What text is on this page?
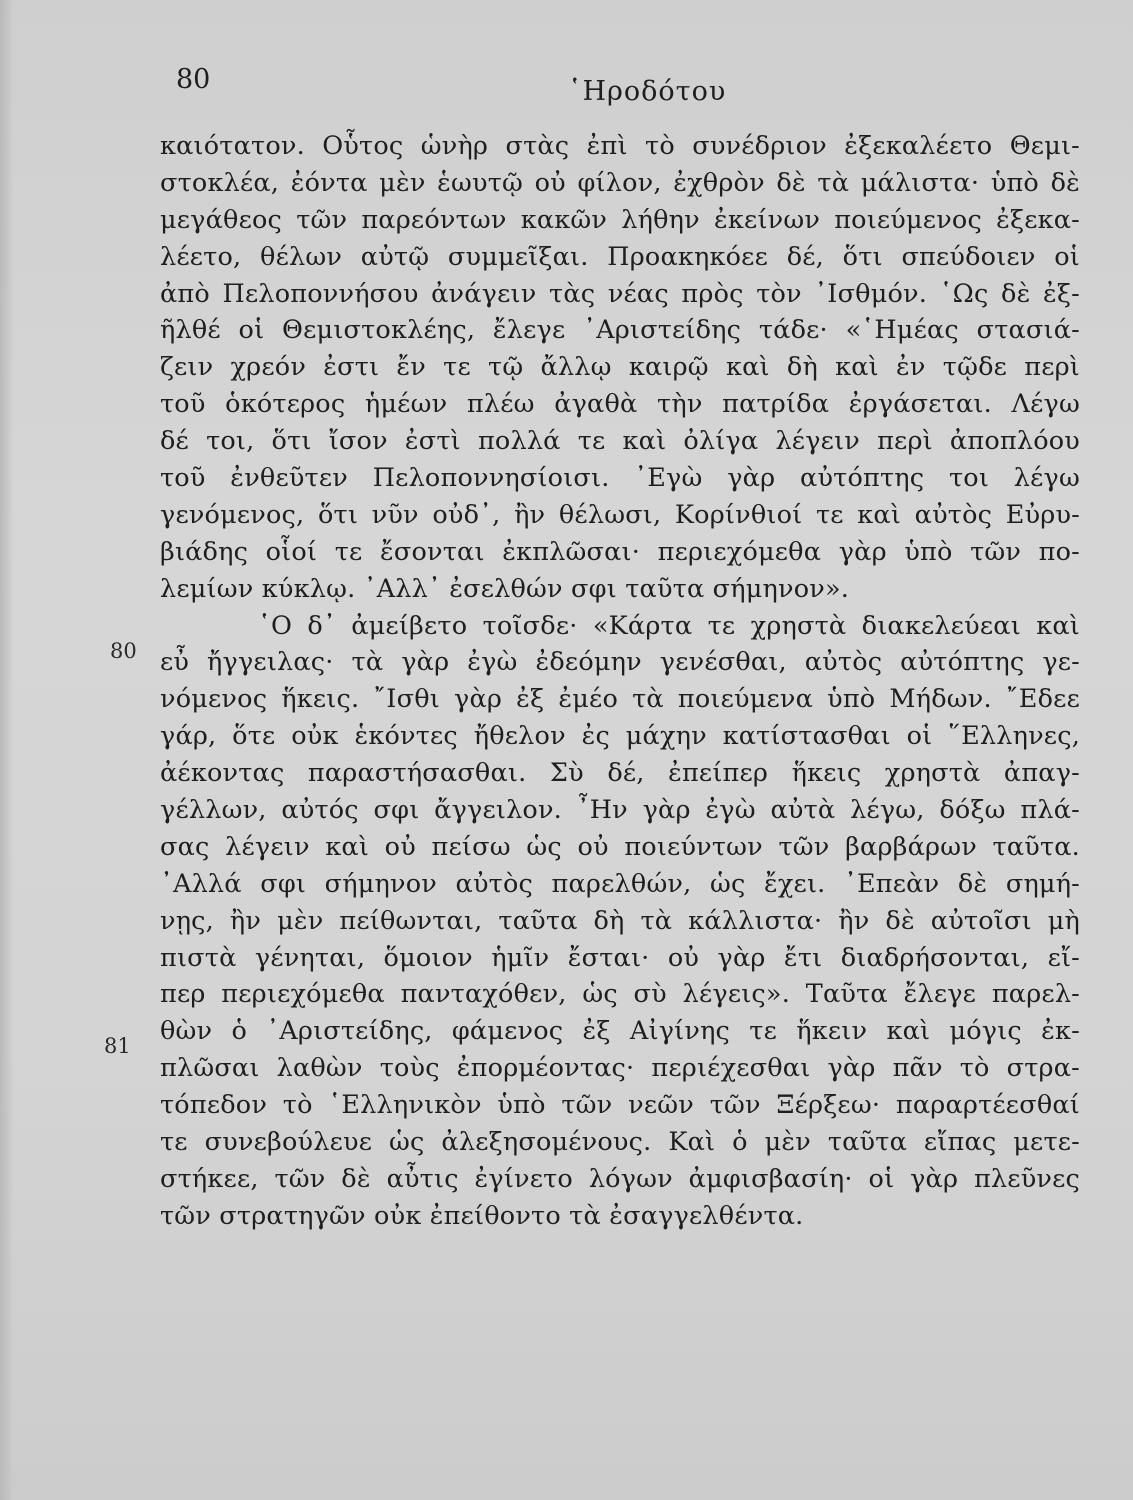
80	῾Ηροδότου
80
81
καιότατον. Οὗτος ὡνὴρ στὰς ἐπὶ τὸ συνέδριον ἐξεκαλέετο Θεμι-
στοκλέα, ἐόντα μὲν ἑωυτῷ οὐ φίλον, ἐχθρὸν δὲ τὰ μάλιστα· ὑπὸ δὲ
μεγάθεος τῶν παρεόντων κακῶν λήθην ἐκείνων ποιεύμενος ἐξεκα-
λέετο, θέλων αὐτῷ συμμεῖξαι. Προακηκόεε δέ, ὅτι σπεύδοιεν οἱ
ἀπὸ Πελοποννήσου ἀνάγειν τὰς νέας πρὸς τὸν ᾿Ισθμόν. ῾Ως δὲ ἐξ-
ῆλθέ οἱ Θεμιστοκλέης, ἔλεγε ᾿Αριστείδης τάδε· «῾Ημέας στασιά-
ζειν χρεόν ἐστι ἔν τε τῷ ἄλλῳ καιρῷ καὶ δὴ καὶ ἐν τῷδε περὶ
τοῦ ὁκότερος ἡμέων πλέω ἀγαθὰ τὴν πατρίδα ἐργάσεται. Λέγω
δέ τοι, ὅτι ἴσον ἐστὶ πολλά τε καὶ ὀλίγα λέγειν περὶ ἀποπλόου
τοῦ ἐνθεῦτεν Πελοποννησίοισι. ᾿Εγὼ γὰρ αὐτόπτης τοι λέγω
γενόμενος, ὅτι νῦν οὐδ᾿, ἢν θέλωσι, Κορίνθιοί τε καὶ αὐτὸς Εὐρυ-
βιάδης οἷοί τε ἔσονται ἐκπλῶσαι· περιεχόμεθα γὰρ ὑπὸ τῶν πο-
λεμίων κύκλῳ. ᾿Αλλ᾿ ἐσελθών σφι ταῦτα σήμηνον».
῾Ο δ᾿ ἀμείβετο τοῖσδε· «Κάρτα τε χρηστὰ διακελεύεαι καὶ
εὖ ἤγγειλας· τὰ γὰρ ἐγὼ ἐδεόμην γενέσθαι, αὐτὸς αὐτόπτης γε-
νόμενος ἥκεις. ῎Ισθι γὰρ ἐξ ἐμέο τὰ ποιεύμενα ὑπὸ Μήδων. ῎Εδεε
γάρ, ὅτε οὐκ ἑκόντες ἤθελον ἐς μάχην κατίστασθαι οἱ ῞Ελληνες,
ἀέκοντας παραστήσασθαι. Σὺ δέ, ἐπείπερ ἥκεις χρηστὰ ἀπαγ-
γέλλων, αὐτός σφι ἄγγειλον. ῏Ην γὰρ ἐγὼ αὐτὰ λέγω, δόξω πλά-
σας λέγειν καὶ οὐ πείσω ὡς οὐ ποιεύντων τῶν βαρβάρων ταῦτα.
᾿Αλλά σφι σήμηνον αὐτὸς παρελθών, ὡς ἔχει. ᾿Επεὰν δὲ σημή-
νῃς, ἢν μὲν πείθωνται, ταῦτα δὴ τὰ κάλλιστα· ἢν δὲ αὐτοῖσι μὴ
πιστὰ γένηται, ὅμοιον ἡμῖν ἔσται· οὐ γὰρ ἔτι διαδρήσονται, εἴ-
περ περιεχόμεθα πανταχόθεν, ὡς σὺ λέγεις». Ταῦτα ἔλεγε παρελ-
θὼν ὁ ᾿Αριστείδης, φάμενος ἐξ Αἰγίνης τε ἥκειν καὶ μόγις ἐκ-
πλῶσαι λαθὼν τοὺς ἐπορμέοντας· περιέχεσθαι γὰρ πᾶν τὸ στρα-
τόπεδον τὸ ῾Ελληνικὸν ὑπὸ τῶν νεῶν τῶν Ξέρξεω· παραρτέεσθαί
τε συνεβούλευε ὡς ἀλεξησομένους. Καὶ ὁ μὲν ταῦτα εἴπας μετε-
στήκεε, τῶν δὲ αὖτις ἐγίνετο λόγων ἀμφισβασίη· οἱ γὰρ πλεῦνες
τῶν στρατηγῶν οὐκ ἐπείθοντο τὰ ἐσαγγελθέντα.
